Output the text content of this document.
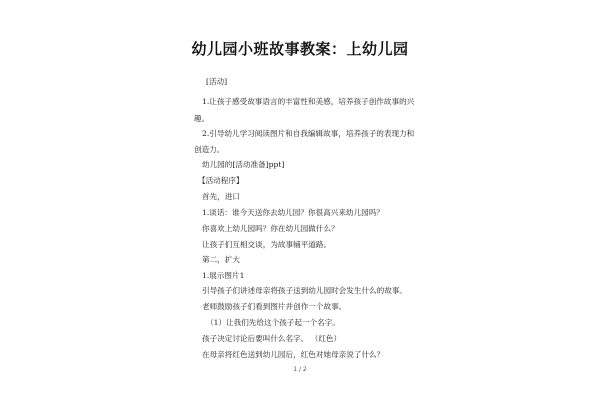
幼儿园小班故事教案：上幼儿园
[活动]
1.让孩子感受故事语言的丰富性和美感，培养孩子创作故事的兴
趣。
2.引导幼儿学习阅读图片和自我编辑故事，培养孩子的表现力和
创造力。
幼儿园的[活动准备]ppt]
【活动程序】
首先，进口
1.谈话：谁今天送你去幼儿园？你很高兴来幼儿园吗？
你喜欢上幼儿园吗？你在幼儿园做什么？
让孩子们互相交谈，为故事铺平道路。
第二，扩大
1.展示图片1
引导孩子们讲述母亲将孩子送到幼儿园时会发生什么的故事。
老师鼓励孩子们看到图片并创作一个故事。
（1）让我们先给这个孩子起一个名字。
孩子决定讨论后要叫什么名字。 （红色）
在母亲将红色送到幼儿园后，红色对她母亲说了什么？
1 / 2
